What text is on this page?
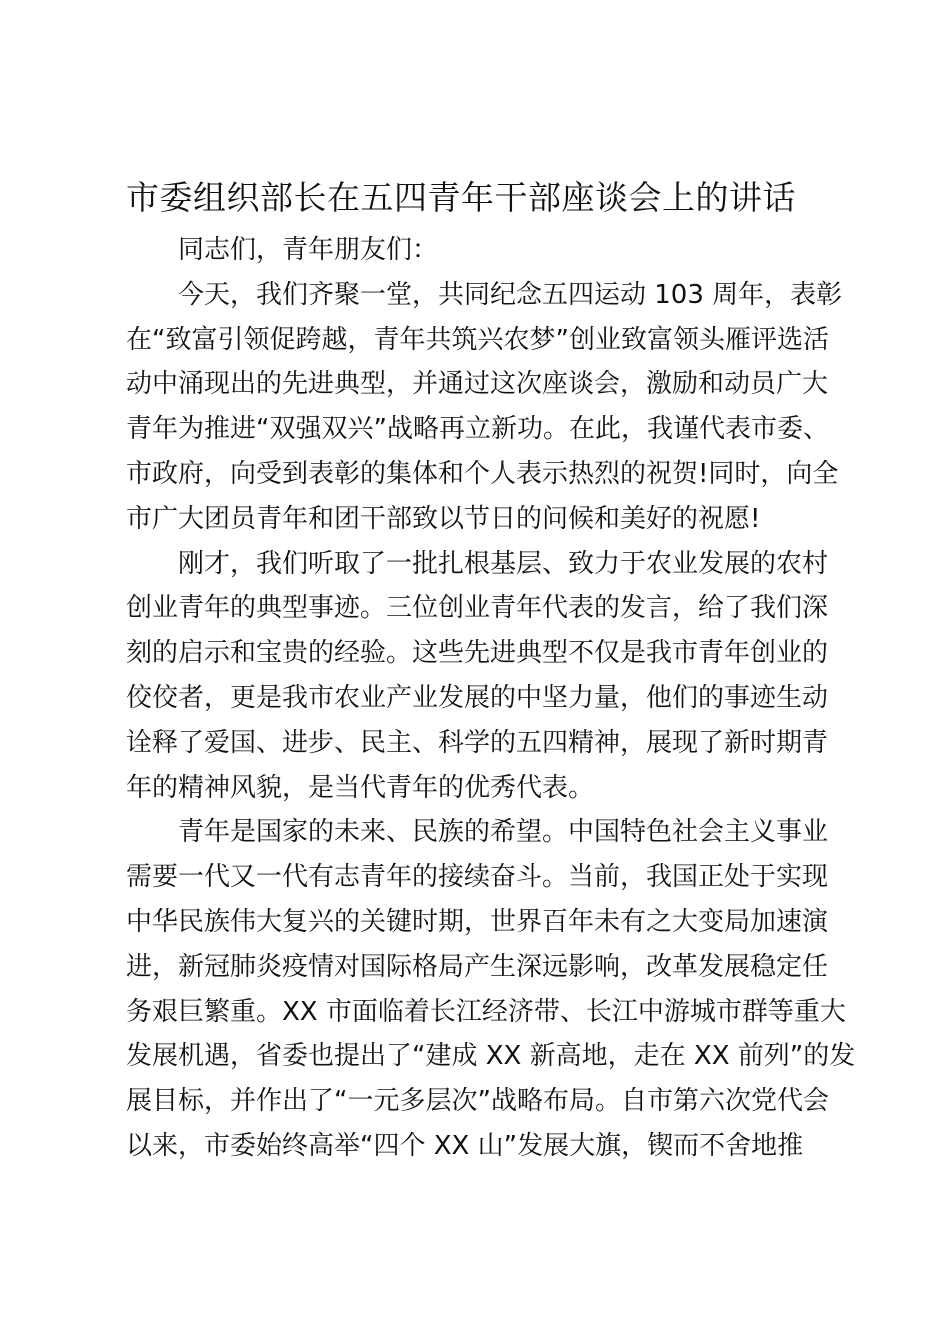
市委组织部长在五四青年干部座谈会上的讲话
同志们，青年朋友们：
今天，我们齐聚一堂，共同纪念五四运动 103 周年，表彰
在“致富引领促跨越，青年共筑兴农梦”创业致富领头雁评选活
动中涌现出的先进典型，并通过这次座谈会，激励和动员广大
青年为推进“双强双兴”战略再立新功。在此，我谨代表市委、
市政府，向受到表彰的集体和个人表示热烈的祝贺!同时，向全
市广大团员青年和团干部致以节日的问候和美好的祝愿!
刚才，我们听取了一批扎根基层、致力于农业发展的农村
创业青年的典型事迹。三位创业青年代表的发言，给了我们深
刻的启示和宝贵的经验。这些先进典型不仅是我市青年创业的
佼佼者，更是我市农业产业发展的中坚力量，他们的事迹生动
诠释了爱国、进步、民主、科学的五四精神，展现了新时期青
年的精神风貌，是当代青年的优秀代表。
青年是国家的未来、民族的希望。中国特色社会主义事业
需要一代又一代有志青年的接续奋斗。当前，我国正处于实现
中华民族伟大复兴的关键时期，世界百年未有之大变局加速演
进，新冠肺炎疫情对国际格局产生深远影响，改革发展稳定任
务艰巨繁重。XX 市面临着长江经济带、长江中游城市群等重大
发展机遇，省委也提出了“建成 XX 新高地，走在 XX 前列”的发
展目标，并作出了“一元多层次”战略布局。自市第六次党代会
以来，市委始终高举“四个 XX 山”发展大旗，锲而不舍地推
